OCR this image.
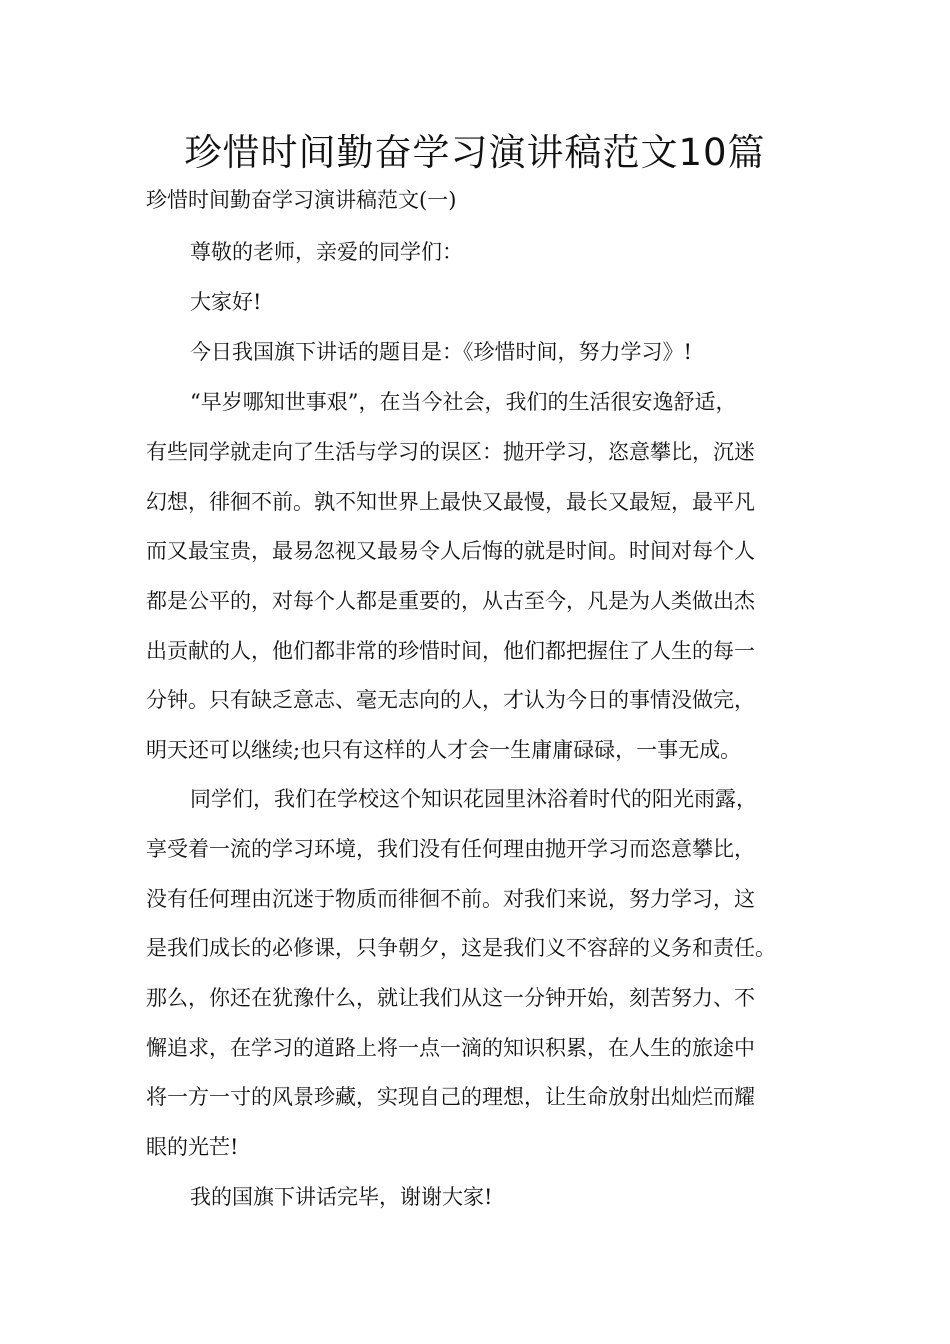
珍惜时间勤奋学习演讲稿范文10篇

珍惜时间勤奋学习演讲稿范文(一)

尊敬的老师，亲爱的同学们：

大家好!

今日我国旗下讲话的题目是：《珍惜时间，努力学习》!

“早岁哪知世事艰”，在当今社会，我们的生活很安逸舒适，

有些同学就走向了生活与学习的误区：抛开学习，恣意攀比，沉迷

幻想，徘徊不前。孰不知世界上最快又最慢，最长又最短，最平凡

而又最宝贵，最易忽视又最易令人后悔的就是时间。时间对每个人

都是公平的，对每个人都是重要的，从古至今，凡是为人类做出杰

出贡献的人，他们都非常的珍惜时间，他们都把握住了人生的每一

分钟。只有缺乏意志、毫无志向的人，才认为今日的事情没做完，

明天还可以继续;也只有这样的人才会一生庸庸碌碌，一事无成。

同学们，我们在学校这个知识花园里沐浴着时代的阳光雨露，

享受着一流的学习环境，我们没有任何理由抛开学习而恣意攀比，

没有任何理由沉迷于物质而徘徊不前。对我们来说，努力学习，这

是我们成长的必修课，只争朝夕，这是我们义不容辞的义务和责任。

那么，你还在犹豫什么，就让我们从这一分钟开始，刻苦努力、不

懈追求，在学习的道路上将一点一滴的知识积累，在人生的旅途中

将一方一寸的风景珍藏，实现自己的理想，让生命放射出灿烂而耀

眼的光芒!

我的国旗下讲话完毕，谢谢大家!
